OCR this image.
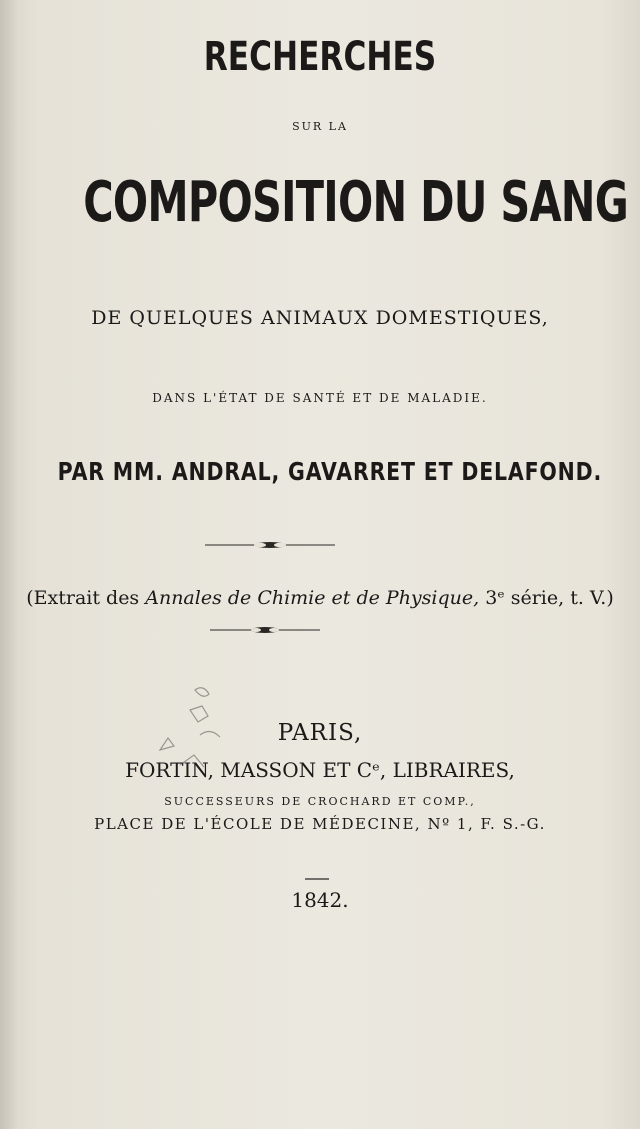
RECHERCHES
SUR LA
COMPOSITION DU SANG
DE QUELQUES ANIMAUX DOMESTIQUES,
DANS L'ÉTAT DE SANTÉ ET DE MALADIE.
PAR MM. ANDRAL, GAVARRET ET DELAFOND.
(Extrait des Annales de Chimie et de Physique, 3ᵉ série, t. V.)
PARIS,
FORTIN, MASSON ET Cᵉ, LIBRAIRES,
SUCCESSEURS DE CROCHARD ET COMP.,
PLACE DE L'ÉCOLE DE MÉDECINE, Nº 1, F. S.-G.
1842.
